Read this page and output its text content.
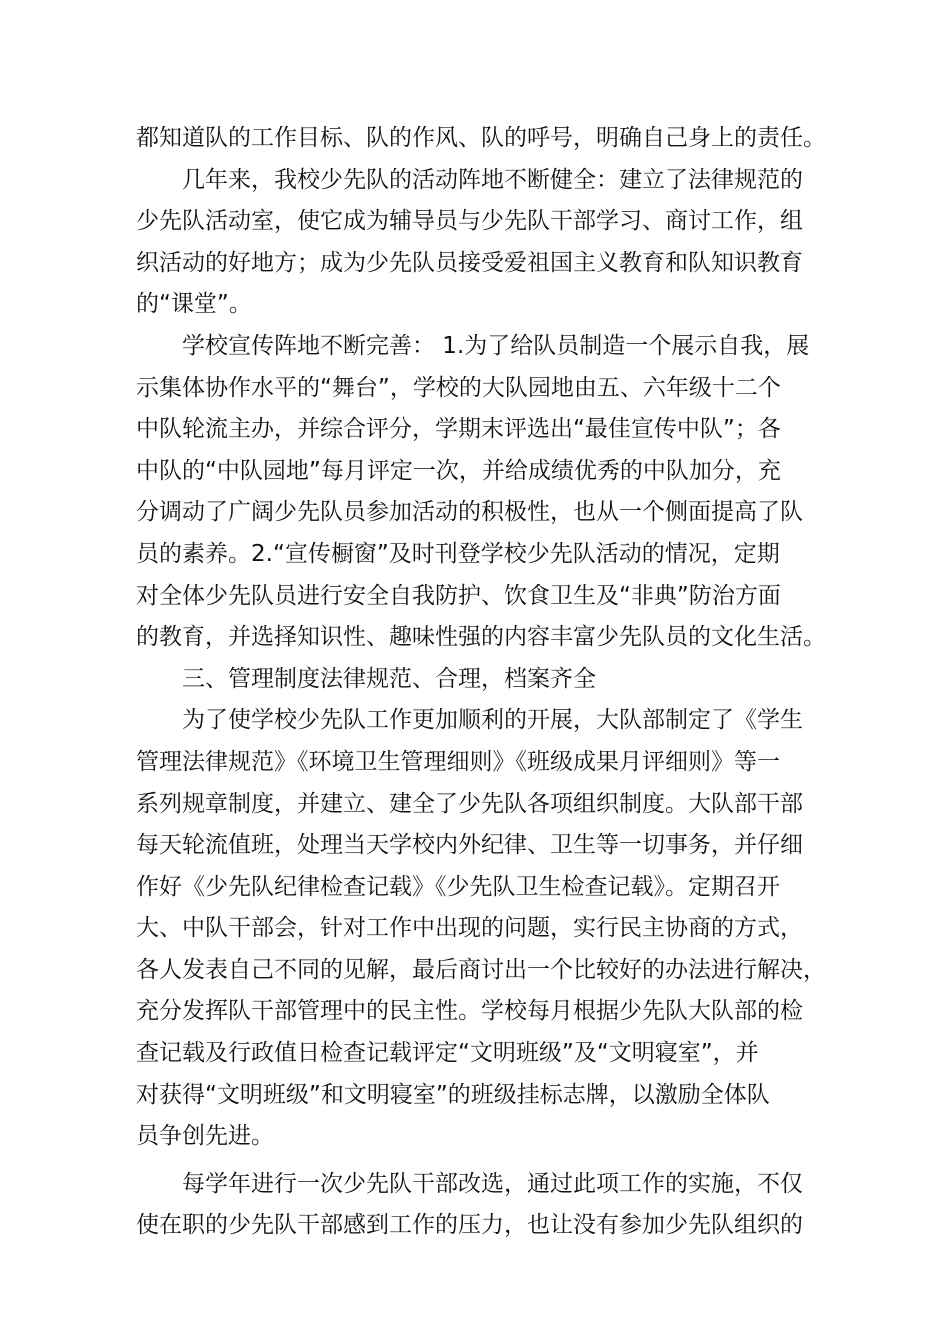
都知道队的工作目标、队的作风、队的呼号，明确自己身上的责任。
几年来，我校少先队的活动阵地不断健全：建立了法律规范的
少先队活动室，使它成为辅导员与少先队干部学习、商讨工作，组
织活动的好地方；成为少先队员接受爱祖国主义教育和队知识教育
的“课堂”。
学校宣传阵地不断完善： 1.为了给队员制造一个展示自我，展
示集体协作水平的“舞台”，学校的大队园地由五、六年级十二个
中队轮流主办，并综合评分，学期末评选出“最佳宣传中队”；各
中队的“中队园地”每月评定一次，并给成绩优秀的中队加分，充
分调动了广阔少先队员参加活动的积极性，也从一个侧面提高了队
员的素养。2.“宣传橱窗”及时刊登学校少先队活动的情况，定期
对全体少先队员进行安全自我防护、饮食卫生及“非典”防治方面
的教育，并选择知识性、趣味性强的内容丰富少先队员的文化生活。
三、管理制度法律规范、合理，档案齐全
为了使学校少先队工作更加顺利的开展，大队部制定了《学生
管理法律规范》《环境卫生管理细则》《班级成果月评细则》等一
系列规章制度，并建立、建全了少先队各项组织制度。大队部干部
每天轮流值班，处理当天学校内外纪律、卫生等一切事务，并仔细
作好《少先队纪律检查记载》《少先队卫生检查记载》。定期召开
大、中队干部会，针对工作中出现的问题，实行民主协商的方式，
各人发表自己不同的见解，最后商讨出一个比较好的办法进行解决，
充分发挥队干部管理中的民主性。学校每月根据少先队大队部的检
查记载及行政值日检查记载评定“文明班级”及“文明寝室”，并
对获得“文明班级”和文明寝室”的班级挂标志牌，以激励全体队
员争创先进。
每学年进行一次少先队干部改选，通过此项工作的实施，不仅
使在职的少先队干部感到工作的压力，也让没有参加少先队组织的
